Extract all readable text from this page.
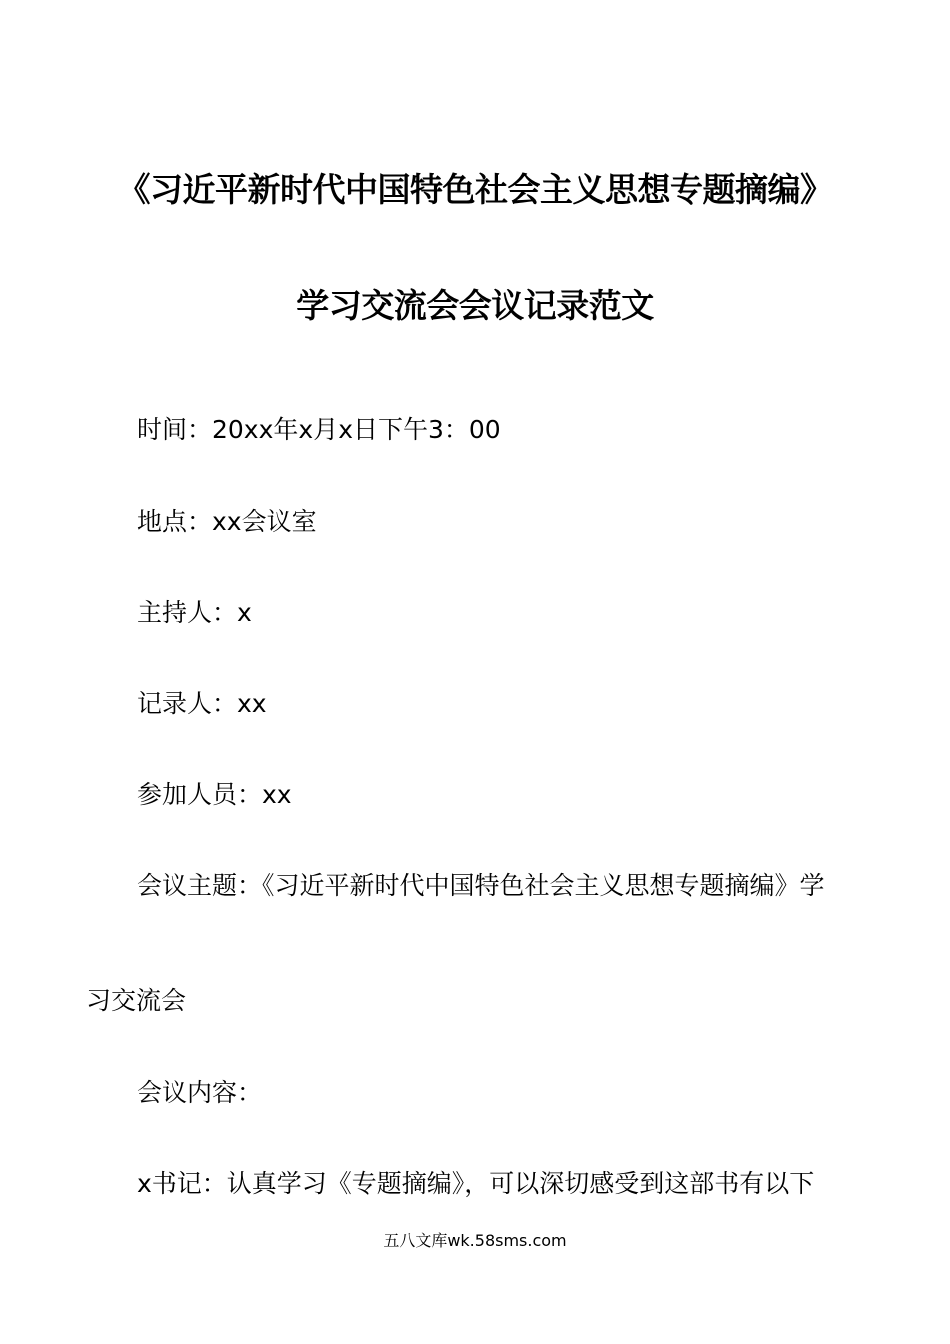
《习近平新时代中国特色社会主义思想专题摘编》
学习交流会会议记录范文
时间：20xx年x月x日下午3：00
地点：xx会议室
主持人：x
记录人：xx
参加人员：xx
会议主题：《习近平新时代中国特色社会主义思想专题摘编》学
习交流会
会议内容：
x书记：认真学习《专题摘编》，可以深切感受到这部书有以下
五八文库wk.58sms.com
